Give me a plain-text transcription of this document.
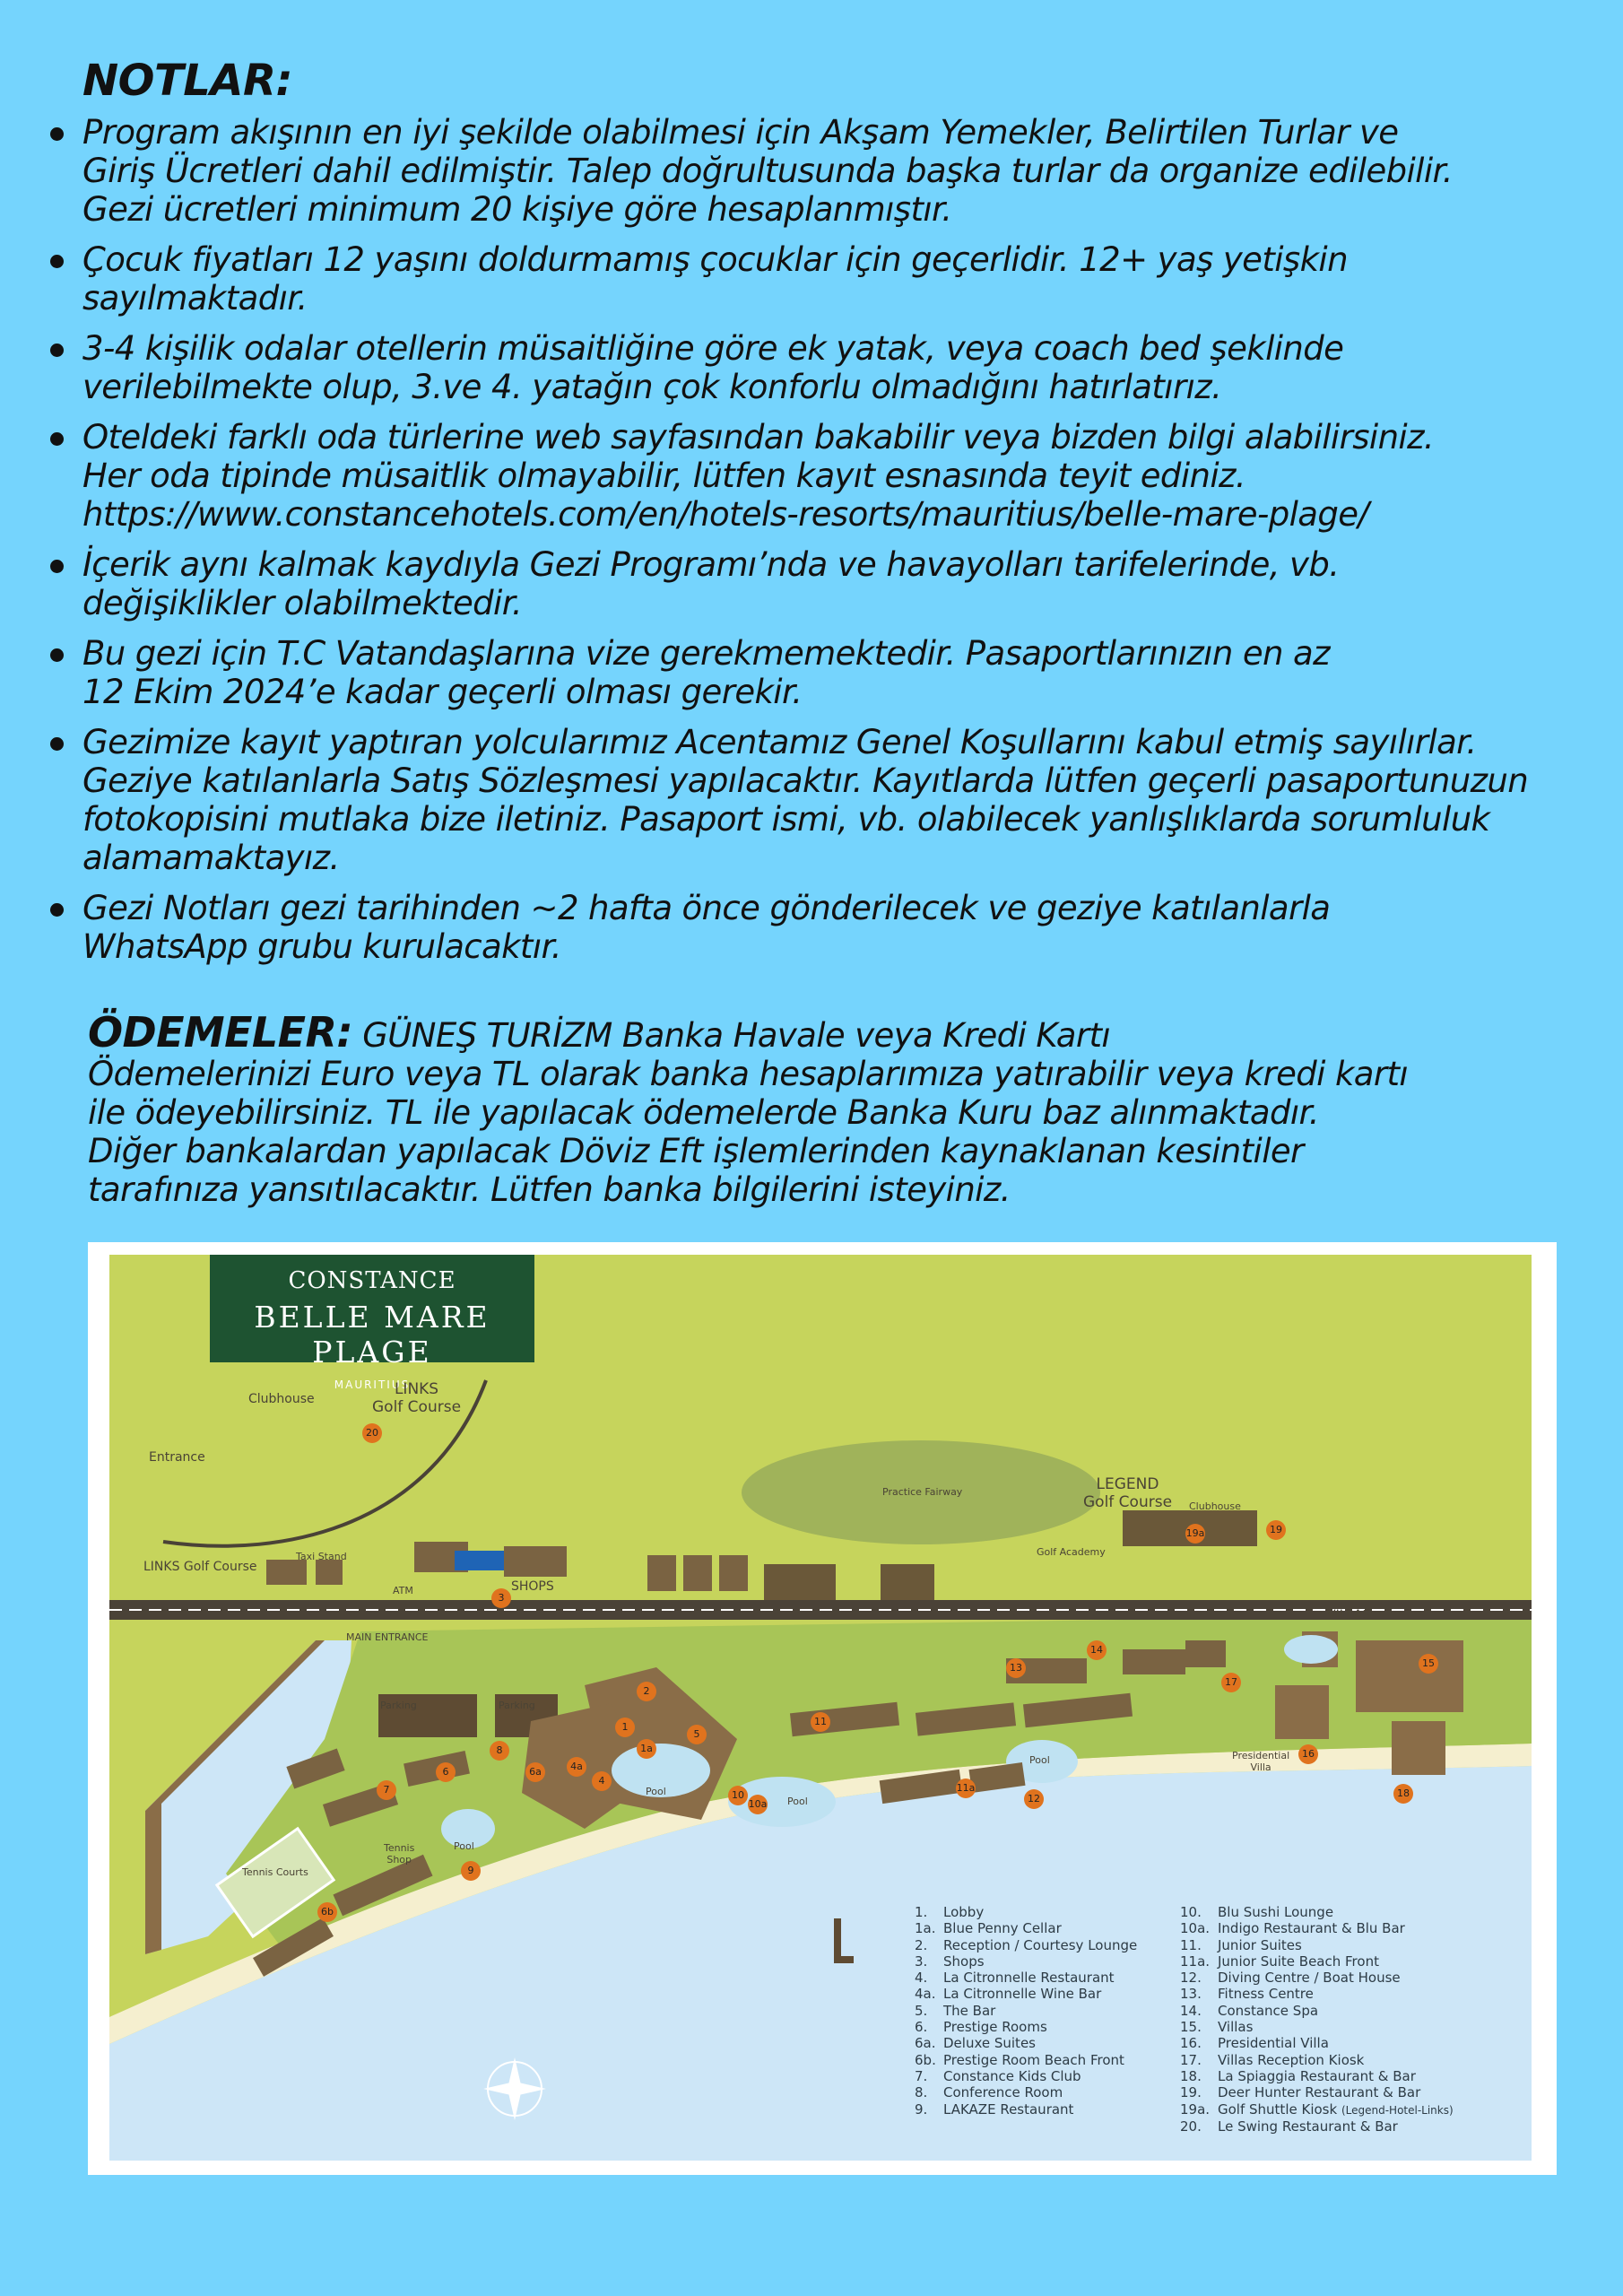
NOTLAR:

Program akışının en iyi şekilde olabilmesi için Akşam Yemekler, Belirtilen Turlar ve

Giriş Ücretleri dahil edilmiştir. Talep doğrultusunda başka turlar da organize edilebilir.

Gezi ücretleri minimum 20 kişiye göre hesaplanmıştır.

Çocuk fiyatları 12 yaşını doldurmamış çocuklar için geçerlidir. 12+ yaş yetişkin

sayılmaktadır.

3-4 kişilik odalar otellerin müsaitliğine göre ek yatak, veya coach bed şeklinde

verilebilmekte olup, 3.ve 4. yatağın çok konforlu olmadığını hatırlatırız.

Oteldeki farklı oda türlerine web sayfasından bakabilir veya bizden bilgi alabilirsiniz.

Her oda tipinde müsaitlik olmayabilir, lütfen kayıt esnasında teyit ediniz.

https://www.constancehotels.com/en/hotels-resorts/mauritius/belle-mare-plage/

İçerik aynı kalmak kaydıyla Gezi Programı’nda ve havayolları tarifelerinde, vb.

değişiklikler olabilmektedir.

Bu gezi için T.C Vatandaşlarına vize gerekmemektedir. Pasaportlarınızın en az

12 Ekim 2024’e kadar geçerli olması gerekir.

Gezimize kayıt yaptıran yolcularımız Acentamız Genel Koşullarını kabul etmiş sayılırlar.

Geziye katılanlarla Satış Sözleşmesi yapılacaktır. Kayıtlarda lütfen geçerli pasaportunuzun

fotokopisini mutlaka bize iletiniz. Pasaport ismi, vb. olabilecek yanlışlıklarda sorumluluk

alamamaktayız.

Gezi Notları gezi tarihinden ~2 hafta önce gönderilecek ve geziye katılanlarla

WhatsApp grubu kurulacaktır.

ÖDEMELER: GÜNEŞ TURİZM Banka Havale veya Kredi Kartı

Ödemelerinizi Euro veya TL olarak banka hesaplarımıza yatırabilir veya kredi kartı

ile ödeyebilirsiniz. TL ile yapılacak ödemelerde Banka Kuru baz alınmaktadır.

Diğer bankalardan yapılacak Döviz Eft işlemlerinden kaynaklanan kesintiler

tarafınıza yansıtılacaktır. Lütfen banka bilgilerini isteyiniz.

CONSTANCE
BELLE MARE PLAGE
MAURITIUS
LINKS
Golf Course
Clubhouse
Entrance
LINKS Golf Course
Taxi Stand
ATM	SHOPS
MAIN ENTRANCE
Practice Fairway
Golf Academy
LEGEND
Golf Course Clubhouse
VILLAS
Presidential
Villa
Pool
Pool
Pool
Pool
Parking	Parking
Tennis Courts
Tennis
Shop
20
19a	19
3
2
1
1a
4
4a
5
6	6a
7
8
9
10
10a
11
11a
12
13
14
15
16
17
18
6b	1. Lobby
1a. Blue Penny Cellar
2. Reception / Courtesy Lounge
3. Shops
4. La Citronnelle Restaurant
4a. La Citronnelle Wine Bar
5. The Bar
6. Prestige Rooms
6a. Deluxe Suites
6b. Prestige Room Beach Front
7. Constance Kids Club
8. Conference Room
9. LAKAZE Restaurant
10. Blu Sushi Lounge
10a. Indigo Restaurant & Blu Bar
11. Junior Suites
11a. Junior Suite Beach Front
12. Diving Centre / Boat House
13. Fitness Centre
14. Constance Spa
15. Villas
16. Presidential Villa
17. Villas Reception Kiosk
18. La Spiaggia Restaurant & Bar
19. Deer Hunter Restaurant & Bar
19a. Golf Shuttle Kiosk (Legend-Hotel-Links)
20. Le Swing Restaurant & Bar
